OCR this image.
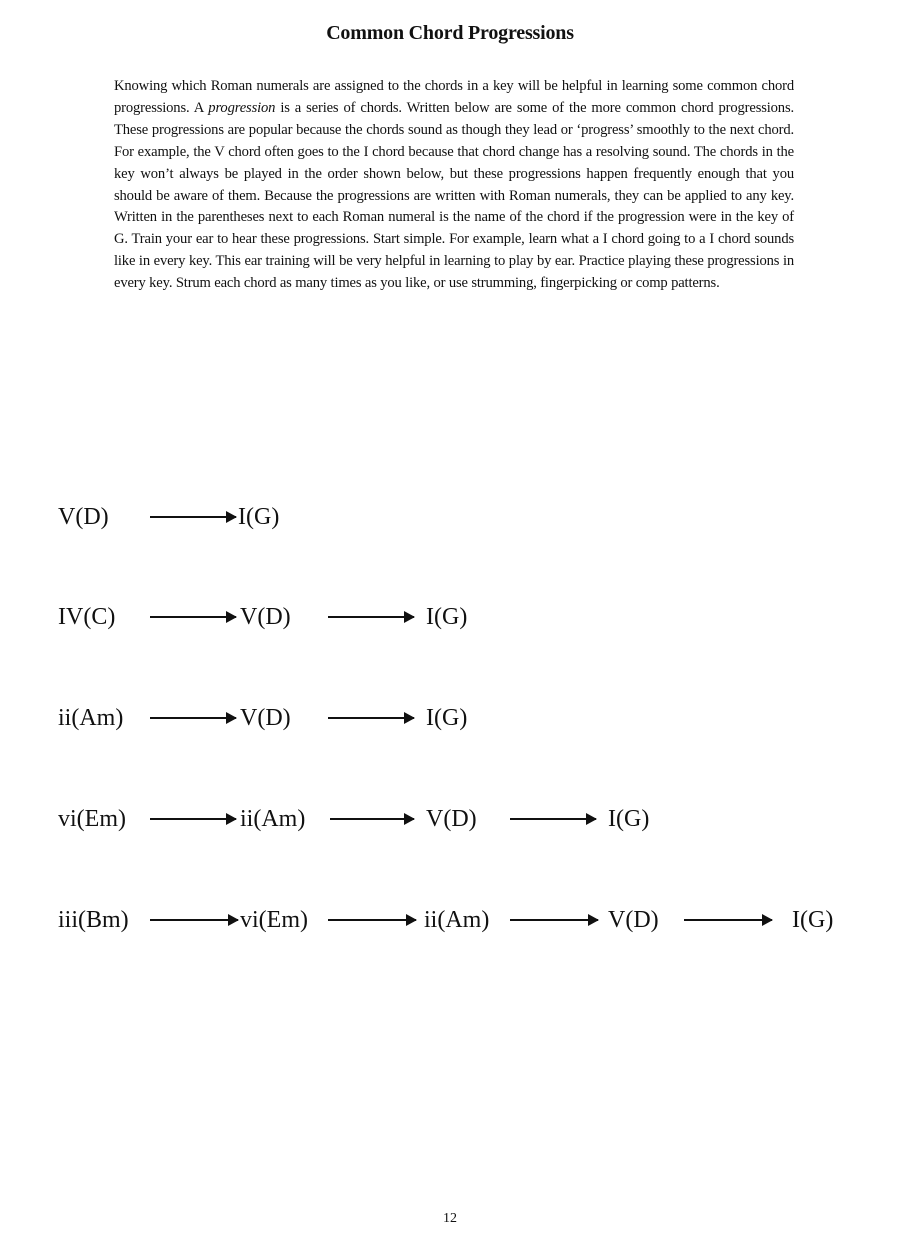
Common Chord Progressions

Knowing which Roman numerals are assigned to the chords in a key will be helpful in learning some common chord progressions. A progression is a series of chords. Written below are some of the more common chord progressions. These progressions are popular because the chords sound as though they lead or ‘progress’ smoothly to the next chord. For example, the V chord often goes to the I chord because that chord change has a resolving sound. The chords in the key won’t always be played in the order shown below, but these progressions happen frequently enough that you should be aware of them. Because the progressions are written with Roman numerals, they can be applied to any key. Written in the parentheses next to each Roman numeral is the name of the chord if the progression were in the key of G. Train your ear to hear these progressions. Start simple. For example, learn what a I chord going to a I chord sounds like in every key. This ear training will be very helpful in learning to play by ear. Practice playing these progressions in every key. Strum each chord as many times as you like, or use strumming, fingerpicking or comp patterns.

V(D)	I(G)
IV(C)	V(D)	I(G)
ii(Am)	V(D)	I(G)
vi(Em)	ii(Am)	V(D)	I(G)
iii(Bm)	vi(Em)	ii(Am)	V(D)	I(G)
12
